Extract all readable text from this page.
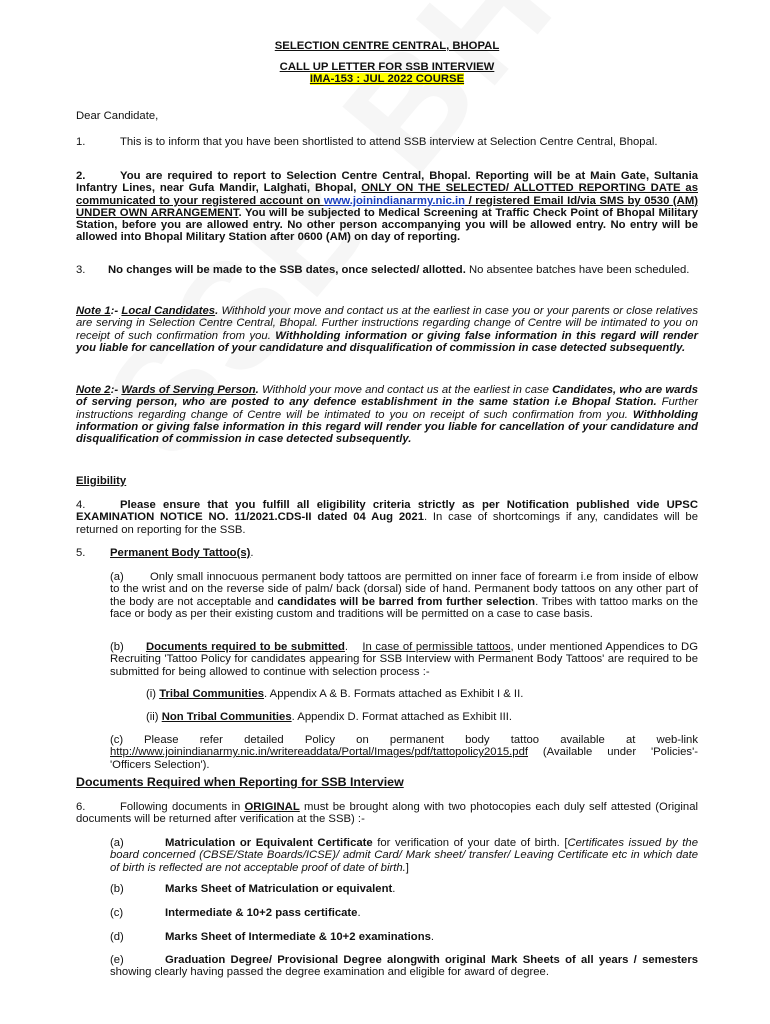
SELECTION CENTRE CENTRAL, BHOPAL
CALL UP LETTER FOR SSB INTERVIEW
IMA-153 : JUL 2022 COURSE
Dear Candidate,

1.	This is to inform that you have been shortlisted to attend SSB interview at Selection Centre Central, Bhopal.

2.	You are required to report to Selection Centre Central, Bhopal. Reporting will be at Main Gate, Sultania Infantry Lines, near Gufa Mandir, Lalghati, Bhopal, ONLY ON THE SELECTED/ ALLOTTED REPORTING DATE as communicated to your registered account on www.joinindianarmy.nic.in / registered Email Id/via SMS by 0530 (AM) UNDER OWN ARRANGEMENT. You will be subjected to Medical Screening at Traffic Check Point of Bhopal Military Station, before you are allowed entry. No other person accompanying you will be allowed entry. No entry will be allowed into Bhopal Military Station after 0600 (AM) on day of reporting.

3. No changes will be made to the SSB dates, once selected/ allotted. No absentee batches have been scheduled.

Note 1:- Local Candidates. Withhold your move and contact us at the earliest in case you or your parents or close relatives are serving in Selection Centre Central, Bhopal. Further instructions regarding change of Centre will be intimated to you on receipt of such confirmation from you. Withholding information or giving false information in this regard will render you liable for cancellation of your candidature and disqualification of commission in case detected subsequently.

Note 2:- Wards of Serving Person. Withhold your move and contact us at the earliest in case Candidates, who are wards of serving person, who are posted to any defence establishment in the same station i.e Bhopal Station. Further instructions regarding change of Centre will be intimated to you on receipt of such confirmation from you. Withholding information or giving false information in this regard will render you liable for cancellation of your candidature and disqualification of commission in case detected subsequently.

Eligibility

4.	Please ensure that you fulfill all eligibility criteria strictly as per Notification published vide UPSC EXAMINATION NOTICE NO. 11/2021.CDS-II dated 04 Aug 2021. In case of shortcomings if any, candidates will be returned on reporting for the SSB.

5. Permanent Body Tattoo(s).

(a) Only small innocuous permanent body tattoos are permitted on inner face of forearm i.e from inside of elbow to the wrist and on the reverse side of palm/ back (dorsal) side of hand. Permanent body tattoos on any other part of the body are not acceptable and candidates will be barred from further selection. Tribes with tattoo marks on the face or body as per their existing custom and traditions will be permitted on a case to case basis.

(b) Documents required to be submitted. In case of permissible tattoos, under mentioned Appendices to DG Recruiting 'Tattoo Policy for candidates appearing for SSB Interview with Permanent Body Tattoos' are required to be submitted for being allowed to continue with selection process :-

(i) Tribal Communities. Appendix A & B. Formats attached as Exhibit I & II.

(ii) Non Tribal Communities. Appendix D. Format attached as Exhibit III.

(c) Please refer detailed Policy on permanent body tattoo available at web-link http://www.joinindianarmy.nic.in/writereaddata/Portal/Images/pdf/tattopolicy2015.pdf (Available under 'Policies'- 'Officers Selection').

Documents Required when Reporting for SSB Interview

6.	Following documents in ORIGINAL must be brought along with two photocopies each duly self attested (Original documents will be returned after verification at the SSB) :-

(a)	Matriculation or Equivalent Certificate for verification of your date of birth. [Certificates issued by the board concerned (CBSE/State Boards/ICSE)/ admit Card/ Mark sheet/ transfer/ Leaving Certificate etc in which date of birth is reflected are not acceptable proof of date of birth.]

(b)	Marks Sheet of Matriculation or equivalent.

(c)	Intermediate & 10+2 pass certificate.

(d)	Marks Sheet of Intermediate & 10+2 examinations.

(e)	Graduation Degree/ Provisional Degree alongwith original Mark Sheets of all years / semesters showing clearly having passed the degree examination and eligible for award of degree.
